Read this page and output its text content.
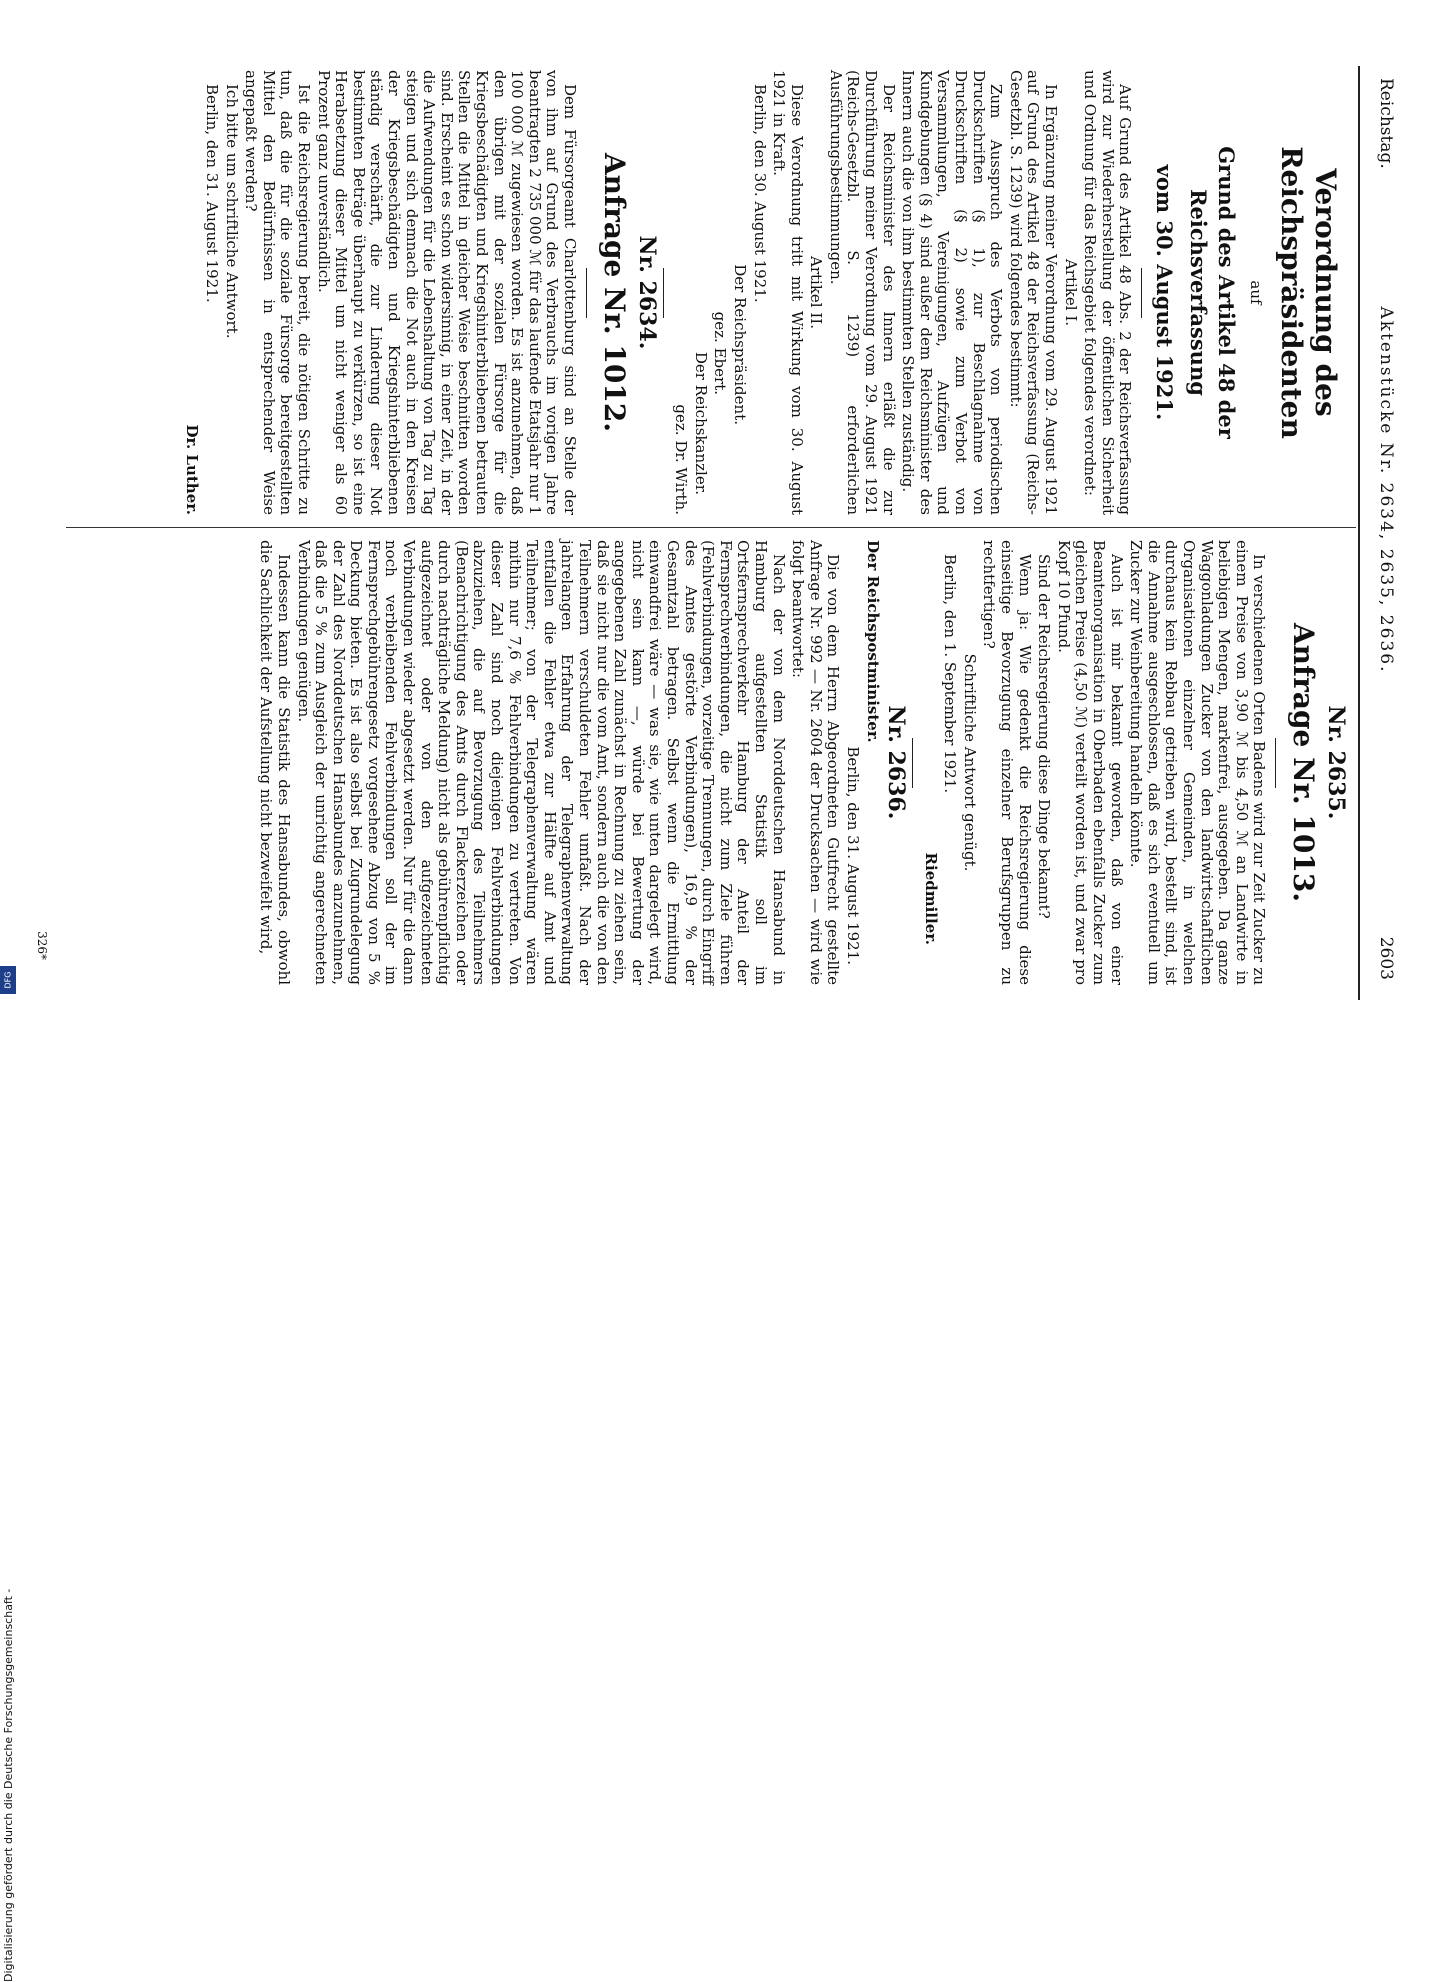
Reichstag.
Aktenstücke Nr. 2634, 2635, 2636.
2603
Verordnung des Reichspräsidenten
auf
Grund des Artikel 48 der Reichsverfassung
vom 30. August 1921.

Auf Grund des Artikel 48 Abs. 2 der Reichsverfassung wird zur Wiederherstellung der öffentlichen Sicherheit und Ordnung für das Reichsgebiet folgendes verordnet:

Artikel I.

In Ergänzung meiner Verordnung vom 29. August 1921 auf Grund des Artikel 48 der Reichsverfassung (Reichs-Gesetzbl. S. 1239) wird folgendes bestimmt:

Zum Ausspruch des Verbots von periodischen Druckschriften (§ 1), zur Beschlagnahme von Druckschriften (§ 2) sowie zum Verbot von Versammlungen, Vereinigungen, Aufzügen und Kundgebungen (§ 4) sind außer dem Reichsminister des Innern auch die von ihm bestimmten Stellen zuständig.

Der Reichsminister des Innern erläßt die zur Durchführung meiner Verordnung vom 29. August 1921 (Reichs-Gesetzbl. S. 1239) erforderlichen Ausführungsbestimmungen.

Artikel II.

Diese Verordnung tritt mit Wirkung vom 30. August 1921 in Kraft.

Berlin, den 30. August 1921.

Der Reichspräsident.

gez. Ebert.

Der Reichskanzler.

gez. Dr. Wirth.

Nr. 2634.
Anfrage Nr. 1012.

Dem Fürsorgeamt Charlottenburg sind an Stelle der von ihm auf Grund des Verbrauchs im vorigen Jahre beantragten 2 735 000 ℳ für das laufende Etatsjahr nur 1 100 000 ℳ zugewiesen worden. Es ist anzunehmen, daß den übrigen mit der sozialen Fürsorge für die Kriegsbeschädigten und Kriegshinterbliebenen betrauten Stellen die Mittel in gleicher Weise beschnitten worden sind. Erscheint es schon widersinnig, in einer Zeit, in der die Aufwendungen für die Lebenshaltung von Tag zu Tag steigen und sich demnach die Not auch in den Kreisen der Kriegsbeschädigten und Kriegshinterbliebenen ständig verschärft, die zur Linderung dieser Not bestimmten Beträge überhaupt zu verkürzen, so ist eine Herabsetzung dieser Mittel um nicht weniger als 60 Prozent ganz unverständlich.

Ist die Reichsregierung bereit, die nötigen Schritte zu tun, daß die für die soziale Fürsorge bereitgestellten Mittel den Bedürfnissen in entsprechender Weise angepaßt werden?

Ich bitte um schriftliche Antwort.

Berlin, den 31. August 1921.

Dr. Luther.

Nr. 2635.
Anfrage Nr. 1013.

In verschiedenen Orten Badens wird zur Zeit Zucker zu einem Preise von 3,90 ℳ bis 4,50 ℳ an Landwirte in beliebigen Mengen, markenfrei, ausgegeben. Da ganze Waggonladungen Zucker von den landwirtschaftlichen Organisationen einzelner Gemeinden, in welchen durchaus kein Rebbau getrieben wird, bestellt sind, ist die Annahme ausgeschlossen, daß es sich eventuell um Zucker zur Weinbereitung handeln könnte.

Auch ist mir bekannt geworden, daß von einer Beamtenorganisation in Oberbaden ebenfalls Zucker zum gleichen Preise (4,50 ℳ) verteilt worden ist, und zwar pro Kopf 10 Pfund.

Sind der Reichsregierung diese Dinge bekannt?

Wenn ja: Wie gedenkt die Reichsregierung diese einseitige Bevorzugung einzelner Berufsgruppen zu rechtfertigen?

Schriftliche Antwort genügt.

Berlin, den 1. September 1921.

Riedmiller.

Nr. 2636.

Der Reichspostminister.

Berlin, den 31. August 1921.

Die von dem Herrn Abgeordneten Gutfrecht gestellte Anfrage Nr. 992 — Nr. 2604 der Drucksachen — wird wie folgt beantwortet:

Nach der von dem Norddeutschen Hansabund in Hamburg aufgestellten Statistik soll im Ortsfernsprechverkehr Hamburg der Anteil der Fernsprechverbindungen, die nicht zum Ziele führen (Fehlverbindungen, vorzeitige Trennungen, durch Eingriff des Amtes gestörte Verbindungen), 16,9 % der Gesamtzahl betragen. Selbst wenn die Ermittlung einwandfrei wäre — was sie, wie unten dargelegt wird, nicht sein kann —, würde bei Bewertung der angegebenen Zahl zunächst in Rechnung zu ziehen sein, daß sie nicht nur die vom Amt, sondern auch die von den Teilnehmern verschuldeten Fehler umfaßt. Nach der jahrelangen Erfahrung der Telegraphenverwaltung entfallen die Fehler etwa zur Hälfte auf Amt und Teilnehmer; von der Telegraphenverwaltung wären mithin nur 7,6 % Fehlverbindungen zu vertreten. Von dieser Zahl sind noch diejenigen Fehlverbindungen abzuziehen, die auf Bevorzugung des Teilnehmers (Benachrichtigung des Amts durch Flackerzeichen oder durch nachträgliche Meldung) nicht als gebührenpflichtig aufgezeichnet oder von den aufgezeichneten Verbindungen wieder abgesetzt werden. Nur für die dann noch verbleibenden Fehlverbindungen soll der im Fernsprechgebührengesetz vorgesehene Abzug von 5 % Deckung bieten. Es ist also selbst bei Zugrundelegung der Zahl des Norddeutschen Hansabundes anzunehmen, daß die 5 % zum Ausgleich der unrichtig angerechneten Verbindungen genügen.

Indessen kann die Statistik des Hansabundes, obwohl die Sachlichkeit der Aufstellung nicht bezweifelt wird,

326*
Digitalisierung gefördert durch die Deutsche Forschungsgemeinschaft -
DFG
